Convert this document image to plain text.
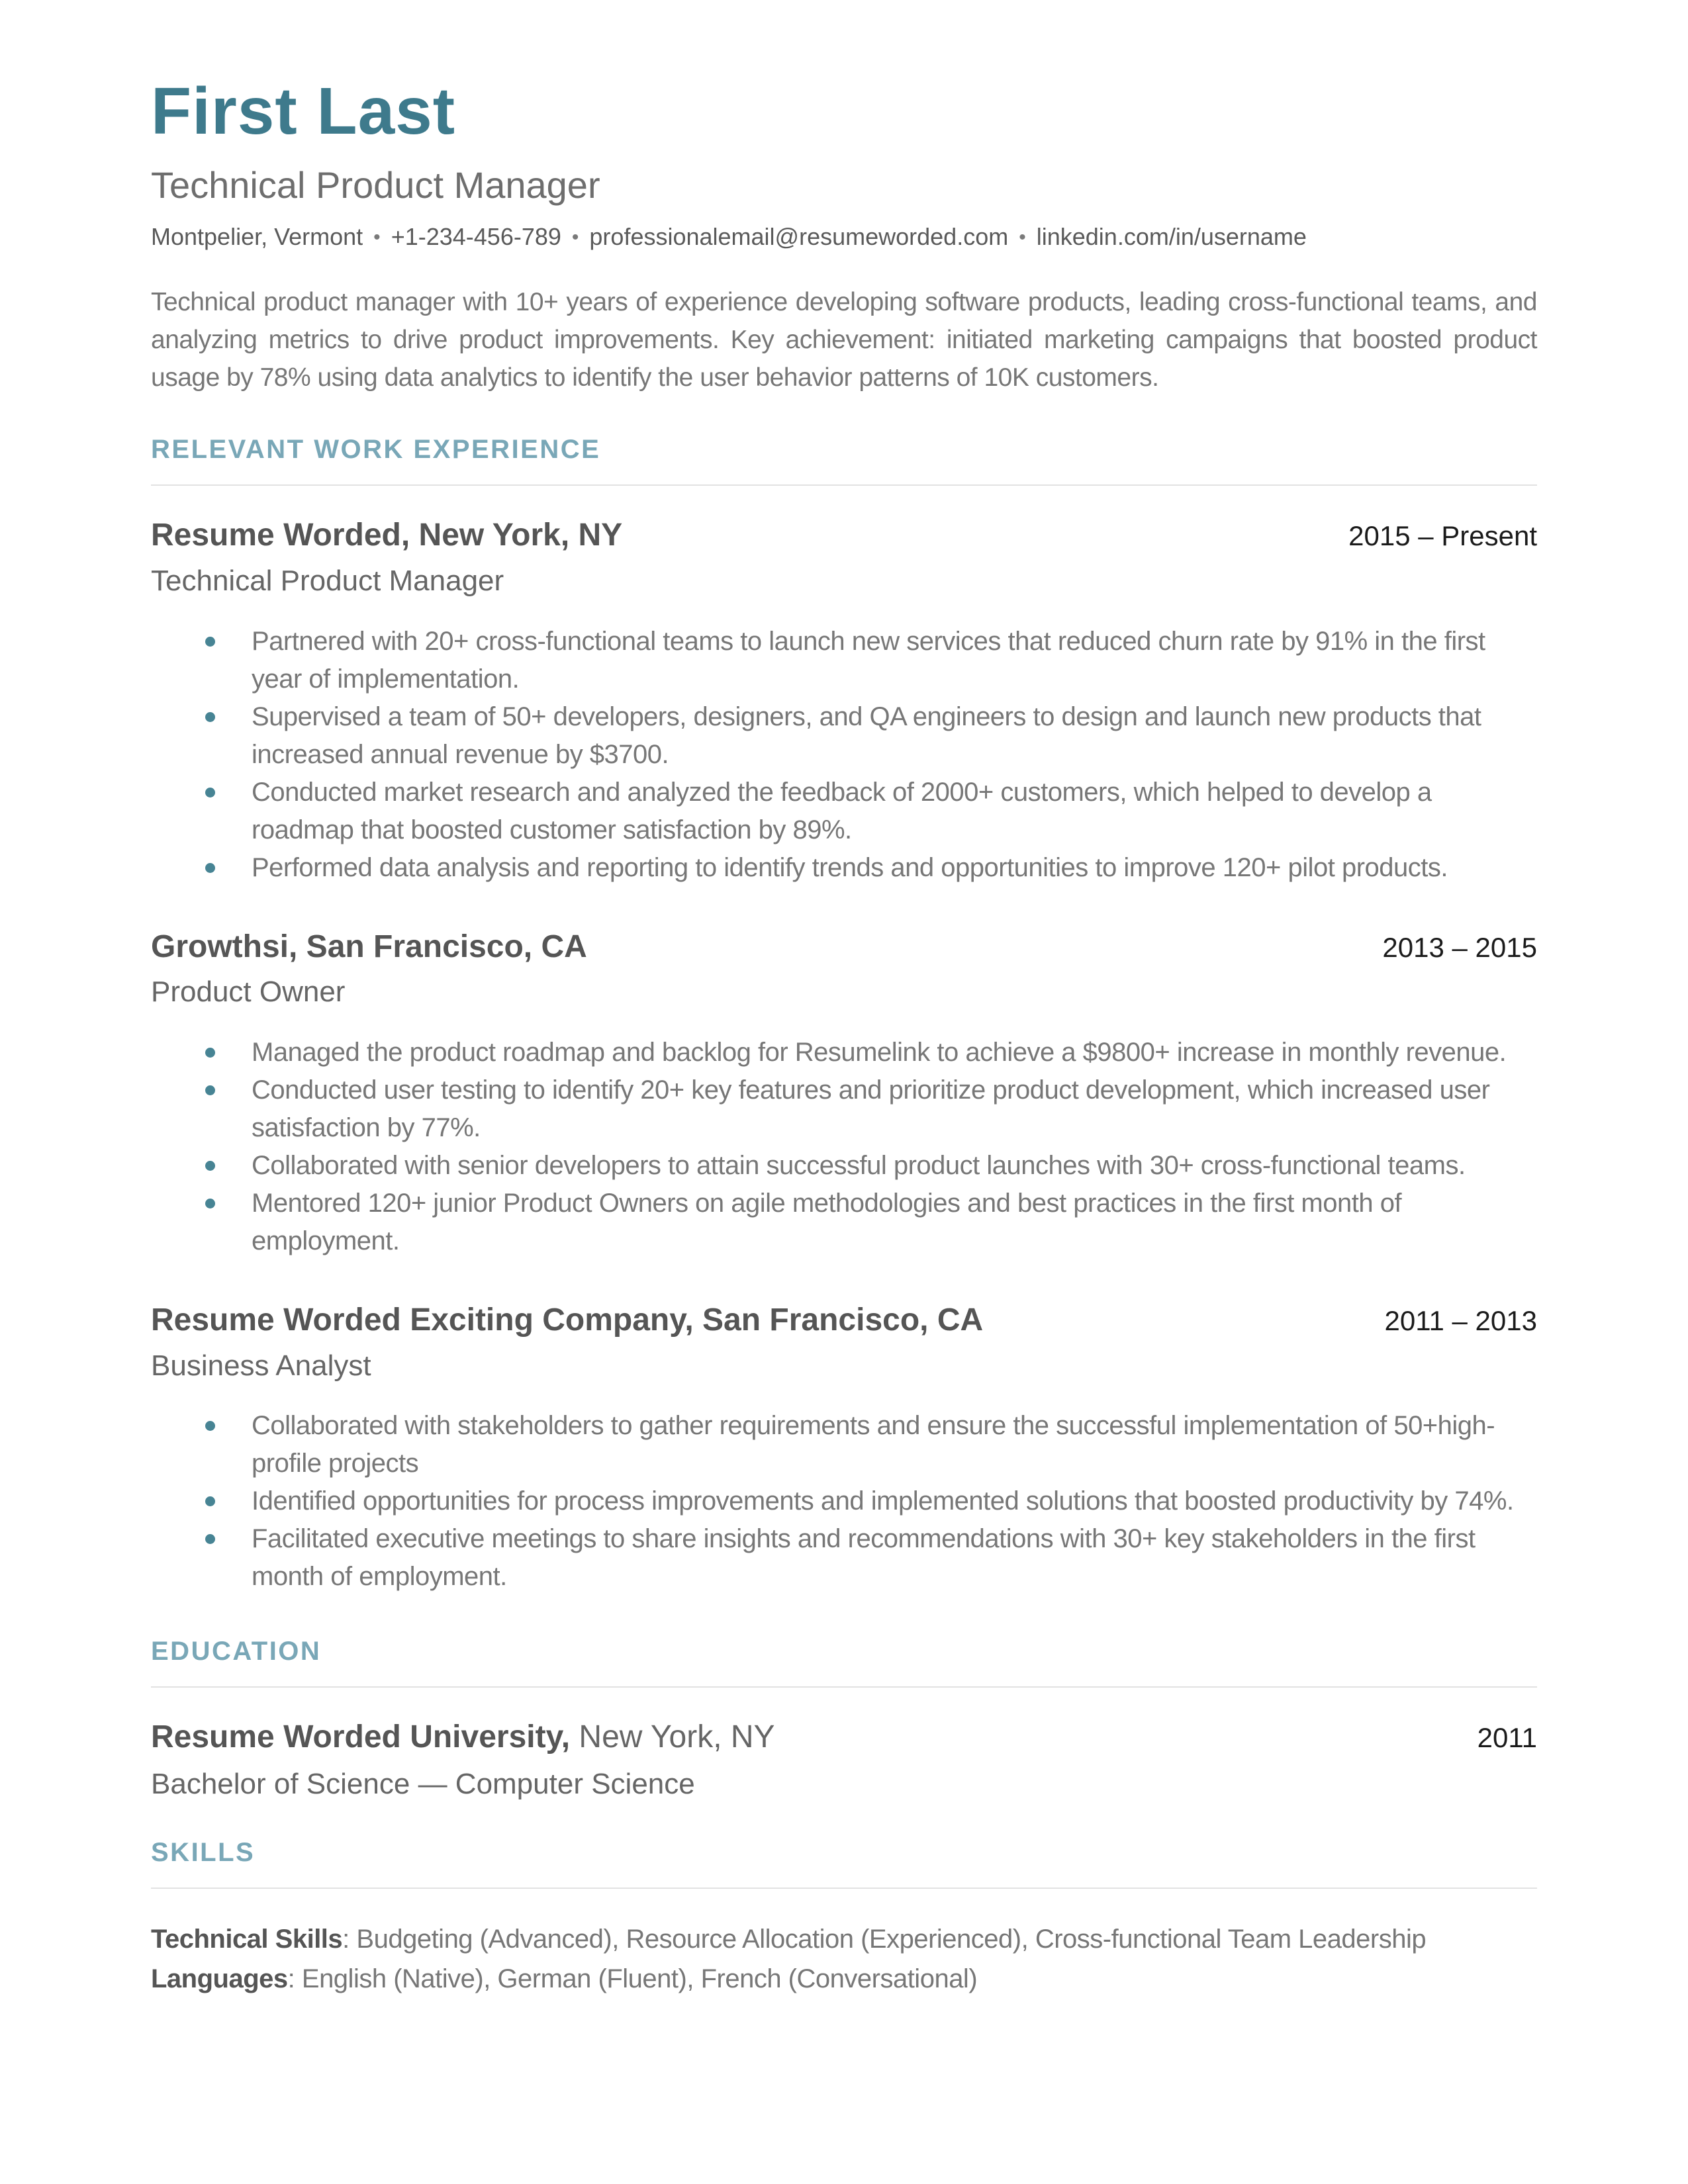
First Last
Technical Product Manager
Montpelier, Vermont • +1-234-456-789 • professionalemail@resumeworded.com • linkedin.com/in/username

Technical product manager with 10+ years of experience developing software products, leading cross-functional teams, and analyzing metrics to drive product improvements. Key achievement: initiated marketing campaigns that boosted product usage by 78% using data analytics to identify the user behavior patterns of 10K customers.

RELEVANT WORK EXPERIENCE
Resume Worded, New York, NY	2015 – Present
Technical Product Manager
Partnered with 20+ cross-functional teams to launch new services that reduced churn rate by 91% in the first year of implementation.
Supervised a team of 50+ developers, designers, and QA engineers to design and launch new products that increased annual revenue by $3700.
Conducted market research and analyzed the feedback of 2000+ customers, which helped to develop a roadmap that boosted customer satisfaction by 89%.
Performed data analysis and reporting to identify trends and opportunities to improve 120+ pilot products.
Growthsi, San Francisco, CA	2013 – 2015
Product Owner
Managed the product roadmap and backlog for Resumelink to achieve a $9800+ increase in monthly revenue.
Conducted user testing to identify 20+ key features and prioritize product development, which increased user satisfaction by 77%.
Collaborated with senior developers to attain successful product launches with 30+ cross-functional teams.
Mentored 120+ junior Product Owners on agile methodologies and best practices in the first month of employment.
Resume Worded Exciting Company, San Francisco, CA	2011 – 2013
Business Analyst
Collaborated with stakeholders to gather requirements and ensure the successful implementation of 50+high-profile projects
Identified opportunities for process improvements and implemented solutions that boosted productivity by 74%.
Facilitated executive meetings to share insights and recommendations with 30+ key stakeholders in the first month of employment.
EDUCATION
Resume Worded University, New York, NY	2011
Bachelor of Science — Computer Science
SKILLS
Technical Skills: Budgeting (Advanced), Resource Allocation (Experienced), Cross-functional Team Leadership
Languages: English (Native), German (Fluent), French (Conversational)
